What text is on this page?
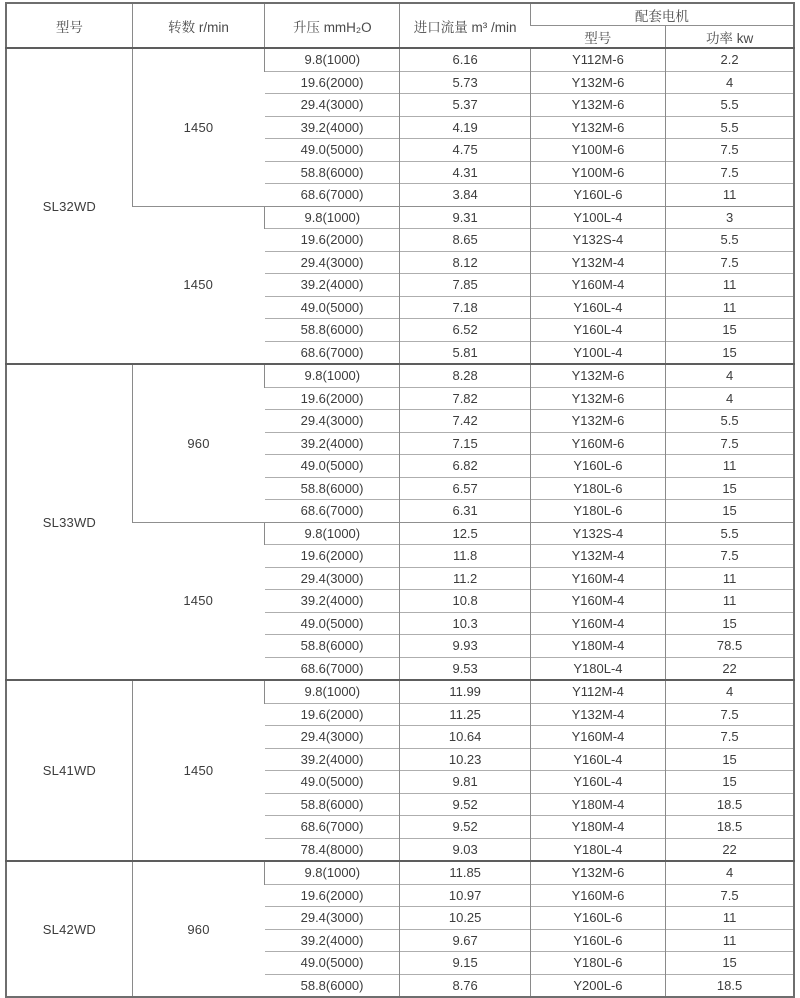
型号	转数 r/min	升压 mmH₂O	进口流量 m³ /min	配套电机	
				型号	功率 kw
SL32WD	1450	9.8(1000)	6.16	Y112M-6	2.2
		19.6(2000)	5.73	Y132M-6	4
		29.4(3000)	5.37	Y132M-6	5.5
		39.2(4000)	4.19	Y132M-6	5.5
		49.0(5000)	4.75	Y100M-6	7.5
		58.8(6000)	4.31	Y100M-6	7.5
		68.6(7000)	3.84	Y160L-6	11
	1450	9.8(1000)	9.31	Y100L-4	3
		19.6(2000)	8.65	Y132S-4	5.5
		29.4(3000)	8.12	Y132M-4	7.5
		39.2(4000)	7.85	Y160M-4	11
		49.0(5000)	7.18	Y160L-4	11
		58.8(6000)	6.52	Y160L-4	15
		68.6(7000)	5.81	Y100L-4	15
SL33WD	960	9.8(1000)	8.28	Y132M-6	4
		19.6(2000)	7.82	Y132M-6	4
		29.4(3000)	7.42	Y132M-6	5.5
		39.2(4000)	7.15	Y160M-6	7.5
		49.0(5000)	6.82	Y160L-6	11
		58.8(6000)	6.57	Y180L-6	15
		68.6(7000)	6.31	Y180L-6	15
	1450	9.8(1000)	12.5	Y132S-4	5.5
		19.6(2000)	11.8	Y132M-4	7.5
		29.4(3000)	11.2	Y160M-4	11
		39.2(4000)	10.8	Y160M-4	11
		49.0(5000)	10.3	Y160M-4	15
		58.8(6000)	9.93	Y180M-4	78.5
		68.6(7000)	9.53	Y180L-4	22
SL41WD	1450	9.8(1000)	11.99	Y112M-4	4
		19.6(2000)	11.25	Y132M-4	7.5
		29.4(3000)	10.64	Y160M-4	7.5
		39.2(4000)	10.23	Y160L-4	15
		49.0(5000)	9.81	Y160L-4	15
		58.8(6000)	9.52	Y180M-4	18.5
		68.6(7000)	9.52	Y180M-4	18.5
		78.4(8000)	9.03	Y180L-4	22
SL42WD	960	9.8(1000)	11.85	Y132M-6	4
		19.6(2000)	10.97	Y160M-6	7.5
		29.4(3000)	10.25	Y160L-6	11
		39.2(4000)	9.67	Y160L-6	11
		49.0(5000)	9.15	Y180L-6	15
		58.8(6000)	8.76	Y200L-6	18.5
